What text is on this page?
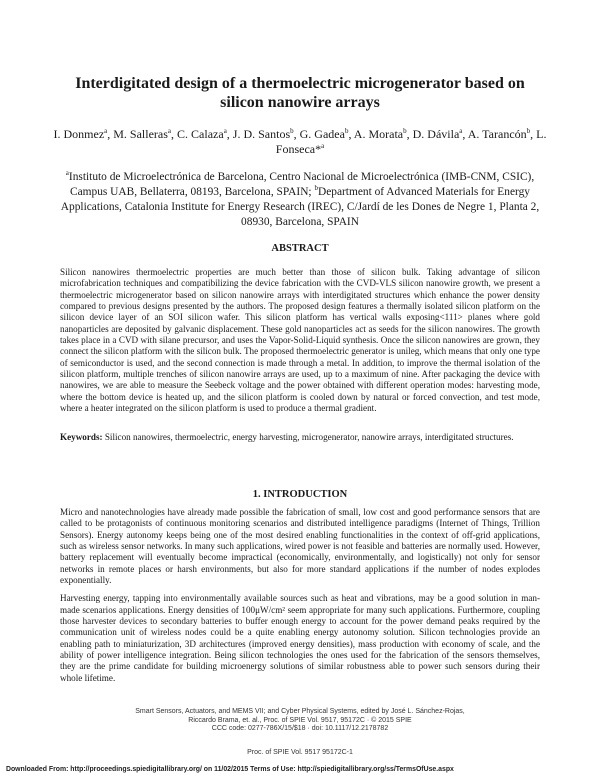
Interdigitated design of a thermoelectric microgenerator based on
silicon nanowire arrays
I. Donmez$^a$, M. Salleras$^a$, C. Calaza$^a$, J. D. Santos$^b$, G. Gadea$^b$, A. Morata$^b$, D. Dávila$^a$, A. Tarancón$^b$, L. Fonseca*$^a$
$^a$Instituto de Microelectrónica de Barcelona, Centro Nacional de Microelectrónica (IMB-CNM, CSIC), Campus UAB, Bellaterra, 08193, Barcelona, SPAIN; $^b$Department of Advanced Materials for Energy Applications, Catalonia Institute for Energy Research (IREC), C/Jardí de les Dones de Negre 1, Planta 2, 08930, Barcelona, SPAIN
ABSTRACT

Silicon nanowires thermoelectric properties are much better than those of silicon bulk. Taking advantage of silicon microfabrication techniques and compatibilizing the device fabrication with the CVD-VLS silicon nanowire growth, we present a thermoelectric microgenerator based on silicon nanowire arrays with interdigitated structures which enhance the power density compared to previous designs presented by the authors. The proposed design features a thermally isolated silicon platform on the silicon device layer of an SOI silicon wafer. This silicon platform has vertical walls exposing<111> planes where gold nanoparticles are deposited by galvanic displacement. These gold nanoparticles act as seeds for the silicon nanowires. The growth takes place in a CVD with silane precursor, and uses the Vapor-Solid-Liquid synthesis. Once the silicon nanowires are grown, they connect the silicon platform with the silicon bulk. The proposed thermoelectric generator is unileg, which means that only one type of semiconductor is used, and the second connection is made through a metal. In addition, to improve the thermal isolation of the silicon platform, multiple trenches of silicon nanowire arrays are used, up to a maximum of nine. After packaging the device with nanowires, we are able to measure the Seebeck voltage and the power obtained with different operation modes: harvesting mode, where the bottom device is heated up, and the silicon platform is cooled down by natural or forced convection, and test mode, where a heater integrated on the silicon platform is used to produce a thermal gradient.

Keywords: Silicon nanowires, thermoelectric, energy harvesting, microgenerator, nanowire arrays, interdigitated structures.
1. INTRODUCTION

Micro and nanotechnologies have already made possible the fabrication of small, low cost and good performance sensors that are called to be protagonists of continuous monitoring scenarios and distributed intelligence paradigms (Internet of Things, Trillion Sensors). Energy autonomy keeps being one of the most desired enabling functionalities in the context of off-grid applications, such as wireless sensor networks. In many such applications, wired power is not feasible and batteries are normally used. However, battery replacement will eventually become impractical (economically, environmentally, and logistically) not only for sensor networks in remote places or harsh environments, but also for more standard applications if the number of nodes explodes exponentially.

Harvesting energy, tapping into environmentally available sources such as heat and vibrations, may be a good solution in man-made scenarios applications. Energy densities of 100μW/cm² seem appropriate for many such applications. Furthermore, coupling those harvester devices to secondary batteries to buffer enough energy to account for the power demand peaks required by the communication unit of wireless nodes could be a quite enabling energy autonomy solution. Silicon technologies provide an enabling path to miniaturization, 3D architectures (improved energy densities), mass production with economy of scale, and the ability of power intelligence integration. Being silicon technologies the ones used for the fabrication of the sensors themselves, they are the prime candidate for building microenergy solutions of similar robustness able to power such sensors during their whole lifetime.

Smart Sensors, Actuators, and MEMS VII; and Cyber Physical Systems, edited by José L. Sánchez-Rojas,
Riccardo Brama, et. al., Proc. of SPIE Vol. 9517, 95172C · © 2015 SPIE
CCC code: 0277-786X/15/$18 · doi: 10.1117/12.2178782
Proc. of SPIE Vol. 9517 95172C-1
Downloaded From: http://proceedings.spiedigitallibrary.org/ on 11/02/2015 Terms of Use: http://spiedigitallibrary.org/ss/TermsOfUse.aspx
